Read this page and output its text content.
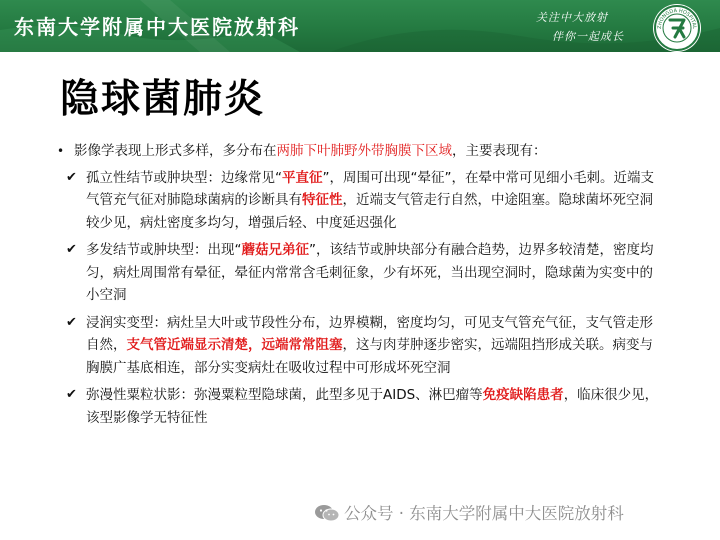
东南大学附属中大医院放射科	关注中大放射
伴你一起成长
ZHONGDA HOSPITAL
隐球菌肺炎
• 影像学表现上形式多样，多分布在两肺下叶肺野外带胸膜下区域，主要表现有：
✔ 孤立性结节或肿块型：边缘常见“平直征”，周围可出现“晕征”，在晕中常可见细小毛刺。近端支气管充气征对肺隐球菌病的诊断具有特征性，近端支气管走行自然，中途阻塞。隐球菌坏死空洞较少见，病灶密度多均匀，增强后轻、中度延迟强化
✔ 多发结节或肿块型：出现“蘑菇兄弟征”，该结节或肿块部分有融合趋势，边界多较清楚，密度均匀，病灶周围常有晕征，晕征内常常含毛刺征象，少有坏死，当出现空洞时，隐球菌为实变中的小空洞
✔ 浸润实变型：病灶呈大叶或节段性分布，边界模糊，密度均匀，可见支气管充气征，支气管走形自然，支气管近端显示清楚，远端常常阻塞，这与肉芽肿逐步密实，远端阻挡形成关联。病变与胸膜广基底相连，部分实变病灶在吸收过程中可形成坏死空洞
✔ 弥漫性粟粒状影：弥漫粟粒型隐球菌，此型多见于AIDS、淋巴瘤等免疫缺陷患者，临床很少见，该型影像学无特征性
公众号 · 东南大学附属中大医院放射科
